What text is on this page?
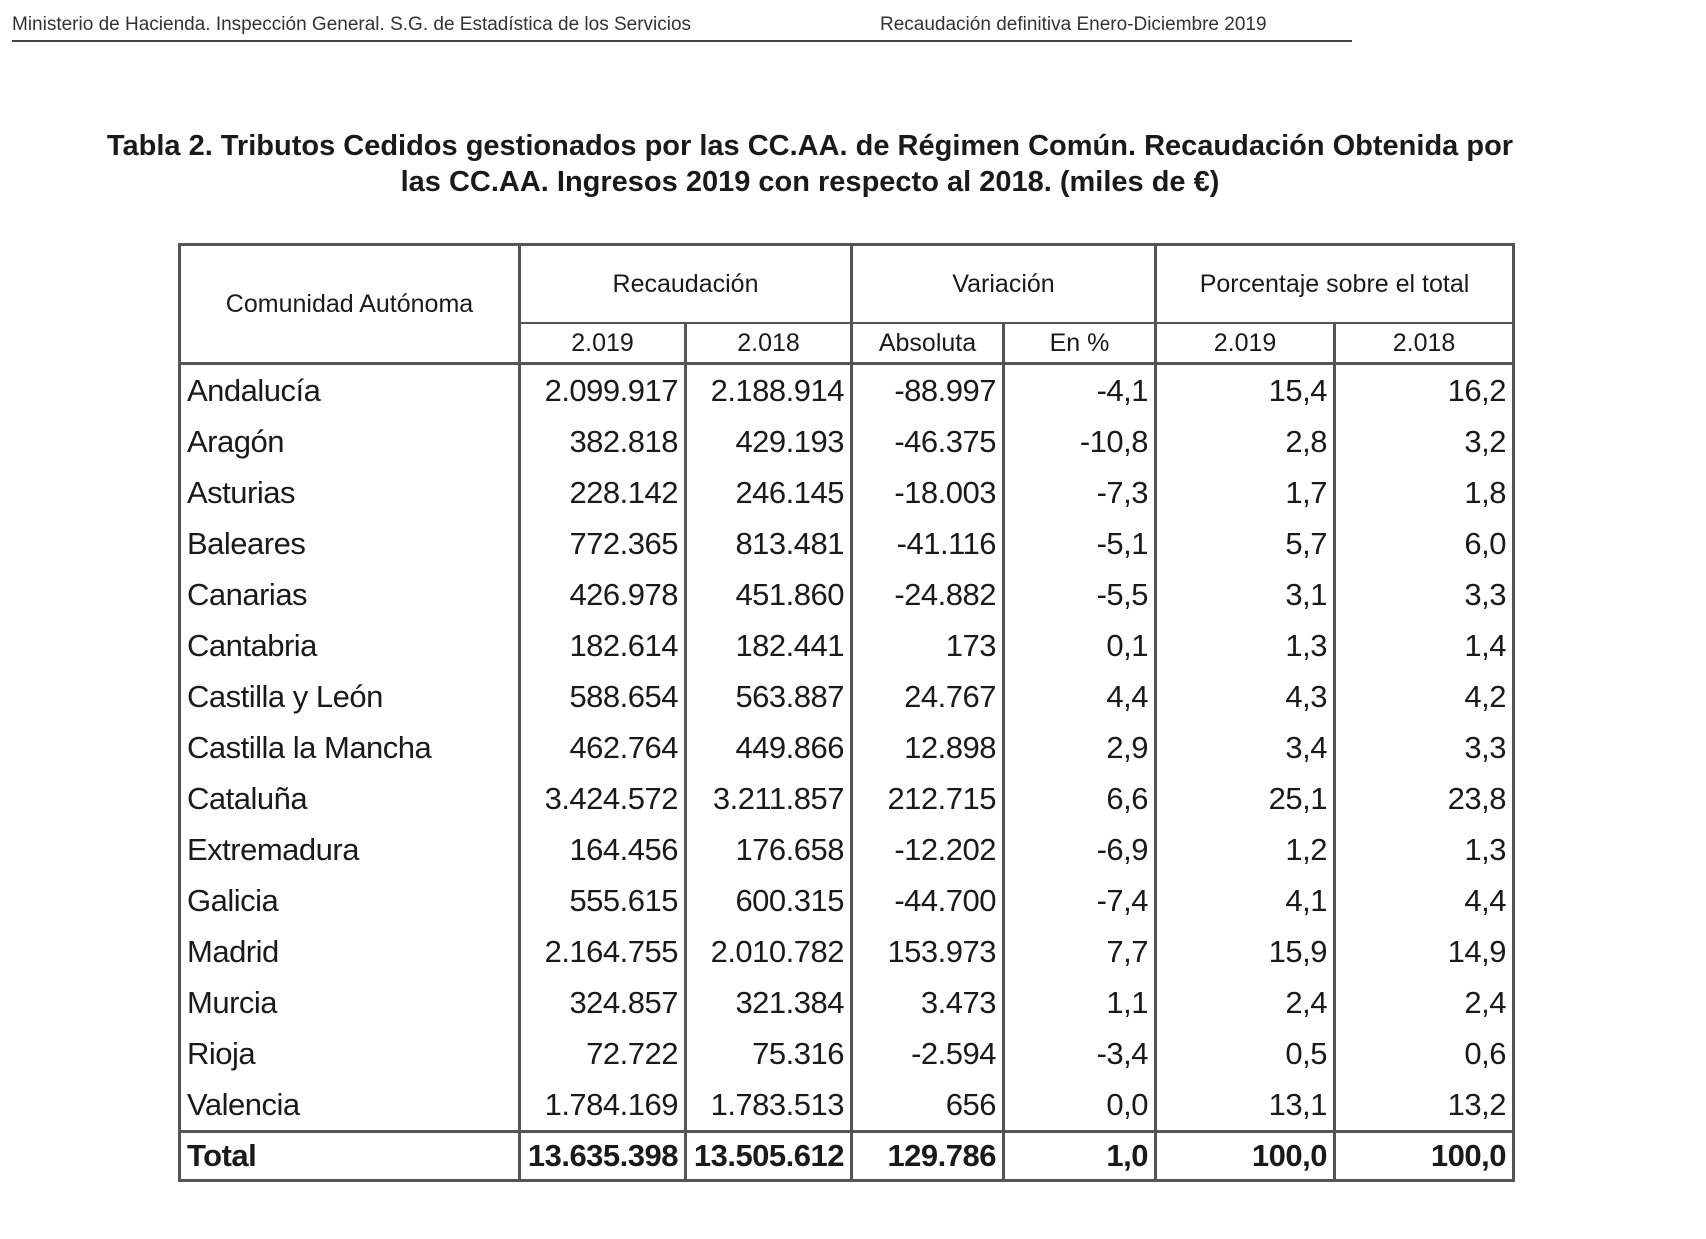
Ministerio de Hacienda. Inspección General. S.G. de Estadística de los Servicios	Recaudación definitiva Enero-Diciembre 2019
Tabla 2. Tributos Cedidos gestionados por las CC.AA. de Régimen Común. Recaudación Obtenida por
las CC.AA. Ingresos 2019 con respecto al 2018. (miles de €)
Comunidad Autónoma	Recaudación		Variación		Porcentaje sobre el total	
	2.019	2.018	Absoluta	En %	2.019	2.018
Andalucía	2.099.917	2.188.914	-88.997	-4,1	15,4	16,2
Aragón	382.818	429.193	-46.375	-10,8	2,8	3,2
Asturias	228.142	246.145	-18.003	-7,3	1,7	1,8
Baleares	772.365	813.481	-41.116	-5,1	5,7	6,0
Canarias	426.978	451.860	-24.882	-5,5	3,1	3,3
Cantabria	182.614	182.441	173	0,1	1,3	1,4
Castilla y León	588.654	563.887	24.767	4,4	4,3	4,2
Castilla la Mancha	462.764	449.866	12.898	2,9	3,4	3,3
Cataluña	3.424.572	3.211.857	212.715	6,6	25,1	23,8
Extremadura	164.456	176.658	-12.202	-6,9	1,2	1,3
Galicia	555.615	600.315	-44.700	-7,4	4,1	4,4
Madrid	2.164.755	2.010.782	153.973	7,7	15,9	14,9
Murcia	324.857	321.384	3.473	1,1	2,4	2,4
Rioja	72.722	75.316	-2.594	-3,4	0,5	0,6
Valencia	1.784.169	1.783.513	656	0,0	13,1	13,2
Total	13.635.398	13.505.612	129.786	1,0	100,0	100,0
